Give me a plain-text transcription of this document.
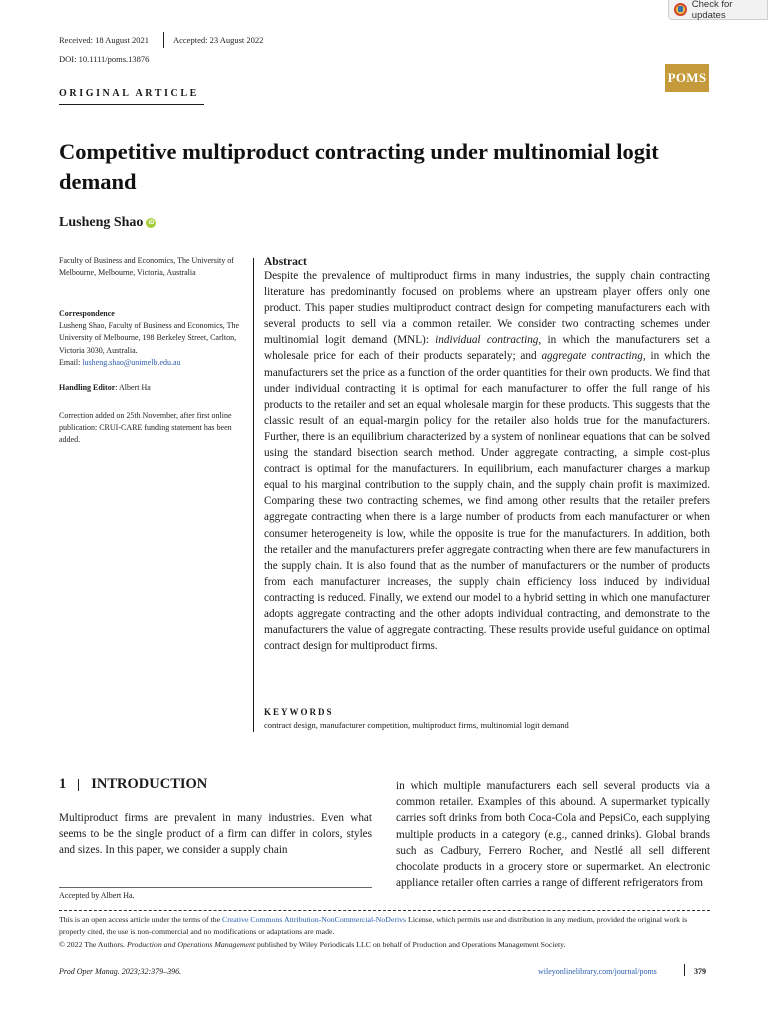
Check for updates
Received: 18 August 2021	Accepted: 23 August 2022
DOI: 10.1111/poms.13876
POMS
ORIGINAL ARTICLE
Competitive multiproduct contracting under multinomial logit demand
Lusheng Shao iD
Faculty of Business and Economics, The University of Melbourne, Melbourne, Victoria, Australia
Correspondence
Lusheng Shao, Faculty of Business and Economics, The University of Melbourne, 198 Berkeley Street, Carlton, Victoria 3030, Australia.
Email: lusheng.shao@unimelb.edu.au
Handling Editor: Albert Ha
Correction added on 25th November, after first online publication: CRUI-CARE funding statement has been added.
Abstract
Despite the prevalence of multiproduct firms in many industries, the supply chain contracting literature has predominantly focused on problems where an upstream player offers only one product. This paper studies multiproduct contract design for competing manufacturers each with several products to sell via a common retailer. We consider two contracting schemes under multinomial logit demand (MNL): individual contracting, in which the manufacturers set a wholesale price for each of their products separately; and aggregate contracting, in which the manufacturers set the price as a function of the order quantities for their own products. We find that under individual contracting it is optimal for each manufacturer to offer the full range of his products to the retailer and set an equal wholesale margin for these products. This suggests that the classic result of an equal-margin policy for the retailer also holds true for the manufacturers. Further, there is an equilibrium characterized by a system of nonlinear equations that can be solved using the standard bisection search method. Under aggregate contracting, a simple cost-plus contract is optimal for the manufacturers. In equilibrium, each manufacturer charges a markup equal to his marginal contribution to the supply chain, and the supply chain profit is maximized. Comparing these two contracting schemes, we find among other results that the retailer prefers aggregate contracting when there is a large number of products from each manufacturer or when consumer heterogeneity is low, while the opposite is true for the manufacturers. In addition, both the retailer and the manufacturers prefer aggregate contracting when there are few manufacturers in the supply chain. It is also found that as the number of manufacturers or the number of products from each manufacturer increases, the supply chain efficiency loss induced by individual contracting is reduced. Finally, we extend our model to a hybrid setting in which one manufacturer adopts aggregate contracting and the other adopts individual contracting, and demonstrate to the manufacturers the value of aggregate contracting. These results provide useful guidance on optimal contract design for multiproduct firms.
KEYWORDS
contract design, manufacturer competition, multiproduct firms, multinomial logit demand
1 INTRODUCTION
Multiproduct firms are prevalent in many industries. Even what seems to be the single product of a firm can differ in colors, styles and sizes. In this paper, we consider a supply chain
in which multiple manufacturers each sell several products via a common retailer. Examples of this abound. A supermarket typically carries soft drinks from both Coca-Cola and PepsiCo, each supplying multiple products in a category (e.g., canned drinks). Global brands such as Cadbury, Ferrero Rocher, and Nestlé all sell different chocolate products in a grocery store or supermarket. An electronic appliance retailer often carries a range of different refrigerators from
Accepted by Albert Ha.
This is an open access article under the terms of the Creative Commons Attribution-NonCommercial-NoDerivs License, which permits use and distribution in any medium, provided the original work is properly cited, the use is non-commercial and no modifications or adaptations are made.
© 2022 The Authors. Production and Operations Management published by Wiley Periodicals LLC on behalf of Production and Operations Management Society.
Prod Oper Manag. 2023;32:379–396.	wileyonlinelibrary.com/journal/poms	379
